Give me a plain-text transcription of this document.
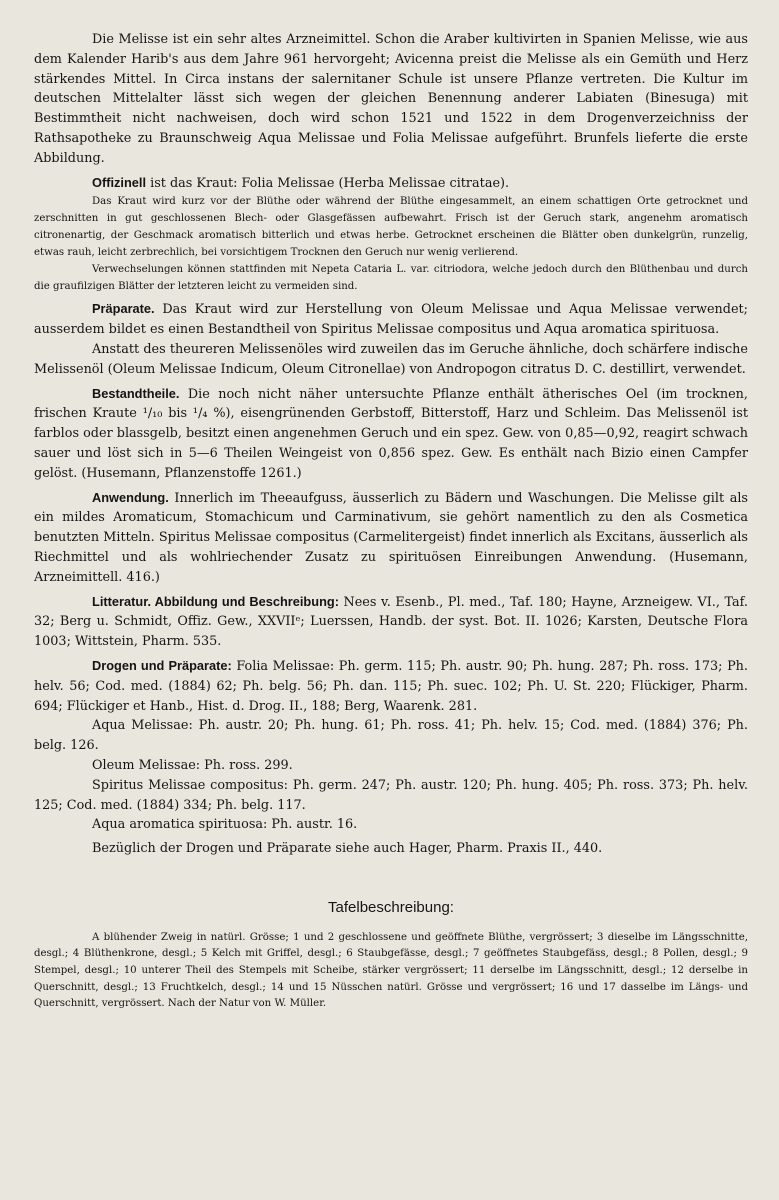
Die Melisse ist ein sehr altes Arzneimittel. Schon die Araber kultivirten in Spanien Melisse, wie aus dem Kalender Harib's aus dem Jahre 961 hervorgeht; Avicenna preist die Melisse als ein Gemüth und Herz stärkendes Mittel. In Circa instans der salernitaner Schule ist unsere Pflanze vertreten. Die Kultur im deutschen Mittelalter lässt sich wegen der gleichen Benennung anderer Labiaten (Binesuga) mit Bestimmtheit nicht nachweisen, doch wird schon 1521 und 1522 in dem Drogenverzeichniss der Rathsapotheke zu Braunschweig Aqua Melissae und Folia Melissae aufgeführt. Brunfels lieferte die erste Abbildung.

Offizinell ist das Kraut: Folia Melissae (Herba Melissae citratae).

Das Kraut wird kurz vor der Blüthe oder während der Blüthe eingesammelt, an einem schattigen Orte getrocknet und zerschnitten in gut geschlossenen Blech- oder Glasgefässen aufbewahrt. Frisch ist der Geruch stark, angenehm aromatisch citronenartig, der Geschmack aromatisch bitterlich und etwas herbe. Getrocknet erscheinen die Blätter oben dunkelgrün, runzelig, etwas rauh, leicht zerbrechlich, bei vorsichtigem Trocknen den Geruch nur wenig verlierend.

Verwechselungen können stattfinden mit Nepeta Cataria L. var. citriodora, welche jedoch durch den Blüthenbau und durch die graufilzigen Blätter der letzteren leicht zu vermeiden sind.

Präparate. Das Kraut wird zur Herstellung von Oleum Melissae und Aqua Melissae verwendet; ausserdem bildet es einen Bestandtheil von Spiritus Melissae compositus und Aqua aromatica spirituosa.

Anstatt des theureren Melissenöles wird zuweilen das im Geruche ähnliche, doch schärfere indische Melissenöl (Oleum Melissae Indicum, Oleum Citronellae) von Andropogon citratus D. C. destillirt, verwendet.

Bestandtheile. Die noch nicht näher untersuchte Pflanze enthält ätherisches Oel (im trocknen, frischen Kraute ¹/₁₀ bis ¹/₄ %), eisengrünenden Gerbstoff, Bitterstoff, Harz und Schleim. Das Melissenöl ist farblos oder blassgelb, besitzt einen angenehmen Geruch und ein spez. Gew. von 0,85—0,92, reagirt schwach sauer und löst sich in 5—6 Theilen Weingeist von 0,856 spez. Gew. Es enthält nach Bizio einen Campfer gelöst. (Husemann, Pflanzenstoffe 1261.)

Anwendung. Innerlich im Theeaufguss, äusserlich zu Bädern und Waschungen. Die Melisse gilt als ein mildes Aromaticum, Stomachicum und Carminativum, sie gehört namentlich zu den als Cosmetica benutzten Mitteln. Spiritus Melissae compositus (Carmelitergeist) findet innerlich als Excitans, äusserlich als Riechmittel und als wohlriechender Zusatz zu spirituösen Einreibungen Anwendung. (Husemann, Arzneimittell. 416.)

Litteratur. Abbildung und Beschreibung: Nees v. Esenb., Pl. med., Taf. 180; Hayne, Arzneigew. VI., Taf. 32; Berg u. Schmidt, Offiz. Gew., XXVIIᵉ; Luerssen, Handb. der syst. Bot. II. 1026; Karsten, Deutsche Flora 1003; Wittstein, Pharm. 535.

Drogen und Präparate: Folia Melissae: Ph. germ. 115; Ph. austr. 90; Ph. hung. 287; Ph. ross. 173; Ph. helv. 56; Cod. med. (1884) 62; Ph. belg. 56; Ph. dan. 115; Ph. suec. 102; Ph. U. St. 220; Flückiger, Pharm. 694; Flückiger et Hanb., Hist. d. Drog. II., 188; Berg, Waarenk. 281.

Aqua Melissae: Ph. austr. 20; Ph. hung. 61; Ph. ross. 41; Ph. helv. 15; Cod. med. (1884) 376; Ph. belg. 126.

Oleum Melissae: Ph. ross. 299.

Spiritus Melissae compositus: Ph. germ. 247; Ph. austr. 120; Ph. hung. 405; Ph. ross. 373; Ph. helv. 125; Cod. med. (1884) 334; Ph. belg. 117.

Aqua aromatica spirituosa: Ph. austr. 16.

Bezüglich der Drogen und Präparate siehe auch Hager, Pharm. Praxis II., 440.

Tafelbeschreibung:

A blühender Zweig in natürl. Grösse; 1 und 2 geschlossene und geöffnete Blüthe, vergrössert; 3 dieselbe im Längsschnitte, desgl.; 4 Blüthenkrone, desgl.; 5 Kelch mit Griffel, desgl.; 6 Staubgefässe, desgl.; 7 geöffnetes Staubgefäss, desgl.; 8 Pollen, desgl.; 9 Stempel, desgl.; 10 unterer Theil des Stempels mit Scheibe, stärker vergrössert; 11 derselbe im Längsschnitt, desgl.; 12 derselbe in Querschnitt, desgl.; 13 Fruchtkelch, desgl.; 14 und 15 Nüsschen natürl. Grösse und vergrössert; 16 und 17 dasselbe im Längs- und Querschnitt, vergrössert. Nach der Natur von W. Müller.
